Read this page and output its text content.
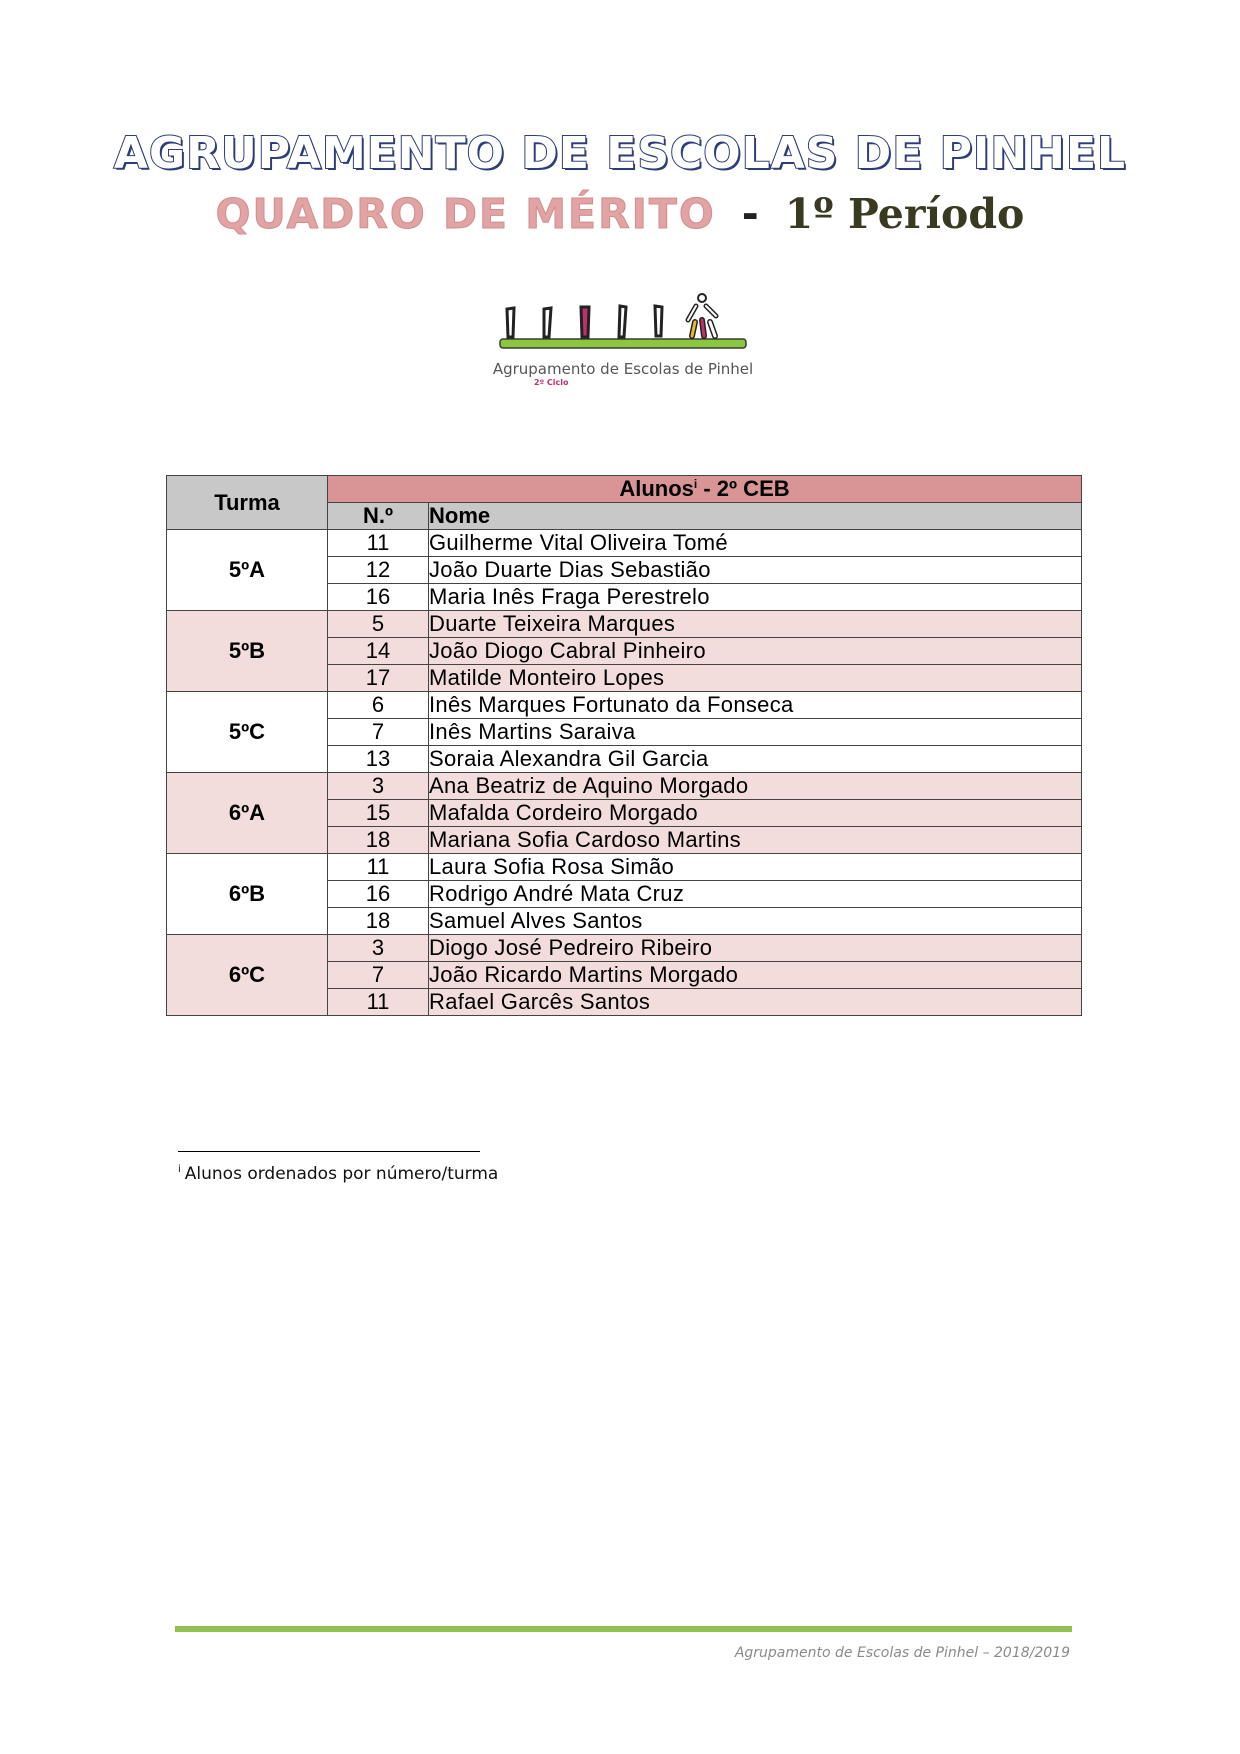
AGRUPAMENTO DE ESCOLAS DE PINHEL
QUADRO DE MÉRITO - 1º Período
Agrupamento de Escolas de Pinhel
2º Ciclo
Turma	Alunos$^i$ - 2º CEB	
	N.º	Nome
5ºA	11	Guilherme Vital Oliveira Tomé
	12	João Duarte Dias Sebastião
	16	Maria Inês Fraga Perestrelo
5ºB	5	Duarte Teixeira Marques
	14	João Diogo Cabral Pinheiro
	17	Matilde Monteiro Lopes
5ºC	6	Inês Marques Fortunato da Fonseca
	7	Inês Martins Saraiva
	13	Soraia Alexandra Gil Garcia
6ºA	3	Ana Beatriz de Aquino Morgado
	15	Mafalda Cordeiro Morgado
	18	Mariana Sofia Cardoso Martins
6ºB	11	Laura Sofia Rosa Simão
	16	Rodrigo André Mata Cruz
	18	Samuel Alves Santos
6ºC	3	Diogo José Pedreiro Ribeiro
	7	João Ricardo Martins Morgado
	11	Rafael Garcês Santos
$^i$ Alunos ordenados por número/turma
Agrupamento de Escolas de Pinhel – 2018/2019
